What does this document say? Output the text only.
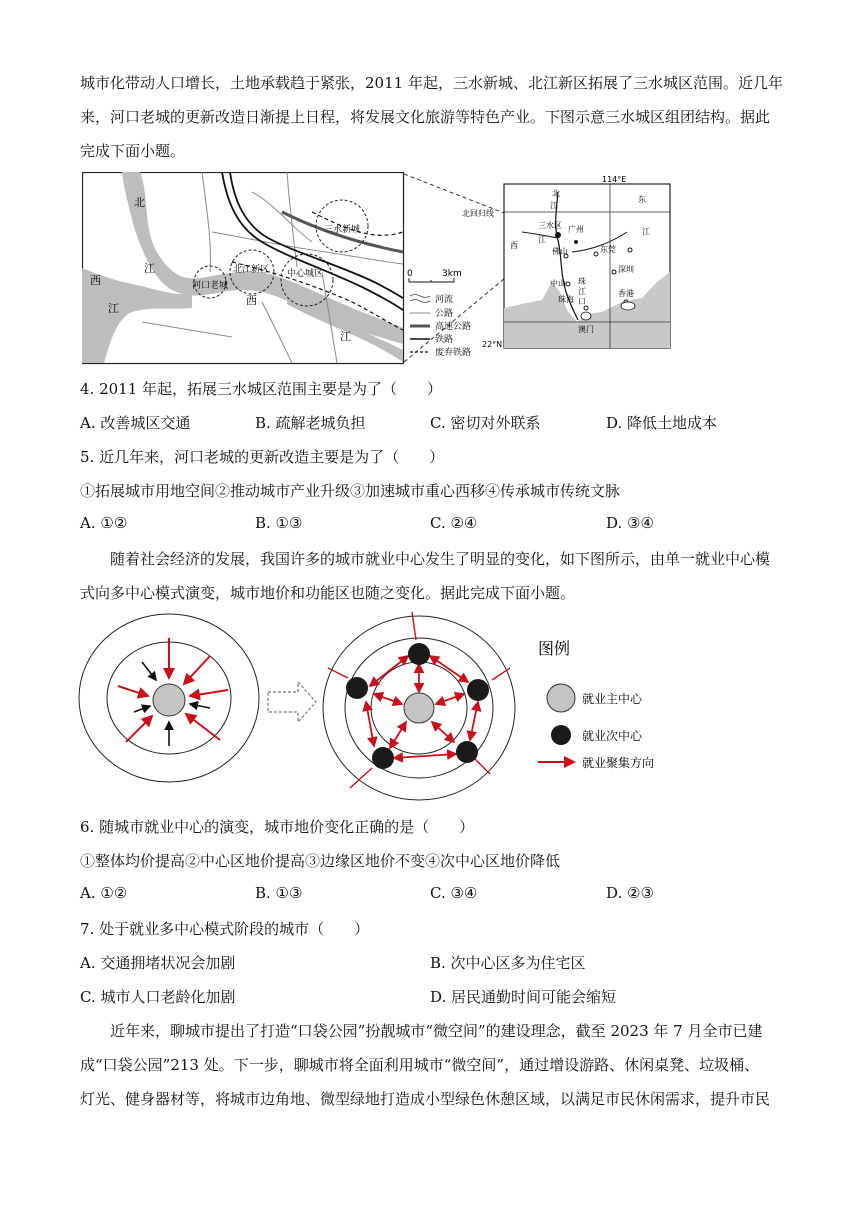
城市化带动人口增长，土地承载趋于紧张，2011 年起，三水新城、北江新区拓展了三水城区范围。近几年
来，河口老城的更新改造日渐提上日程，将发展文化旅游等特色产业。下图示意三水城区组团结构。据此
完成下面小题。
北
江
西
江
西
江
三水新城
北江新区 中心城区
河口老城
0	3km
河流
公路
高速公路
铁路
废弃铁路
114°E
22°N
北回归线
北
江
西
江
东
江
三水区 广州
佛山	东莞
深圳
中山 珠
江
口
珠海
香港
澳门
4. 2011 年起，拓展三水城区范围主要是为了（　　）
A. 改善城区交通	B. 疏解老城负担	C. 密切对外联系	D. 降低土地成本
5. 近几年来，河口老城的更新改造主要是为了（　　）
①拓展城市用地空间②推动城市产业升级③加速城市重心西移④传承城市传统文脉
A. ①②	B. ①③	C. ②④	D. ③④
随着社会经济的发展，我国许多的城市就业中心发生了明显的变化，如下图所示，由单一就业中心模
式向多中心模式演变，城市地价和功能区也随之变化。据此完成下面小题。
图例
就业主中心
就业次中心
就业聚集方向
6. 随城市就业中心的演变，城市地价变化正确的是（　　）
①整体均价提高②中心区地价提高③边缘区地价不变④次中心区地价降低
A. ①②	B. ①③	C. ③④	D. ②③
7. 处于就业多中心模式阶段的城市（　　）
A. 交通拥堵状况会加剧	B. 次中心区多为住宅区
C. 城市人口老龄化加剧	D. 居民通勤时间可能会缩短
近年来，聊城市提出了打造“口袋公园”扮靓城市“微空间”的建设理念，截至 2023 年 7 月全市已建
成“口袋公园”213 处。下一步，聊城市将全面利用城市“微空间”，通过增设游路、休闲桌凳、垃圾桶、
灯光、健身器材等，将城市边角地、微型绿地打造成小型绿色休憩区域，以满足市民休闲需求，提升市民
